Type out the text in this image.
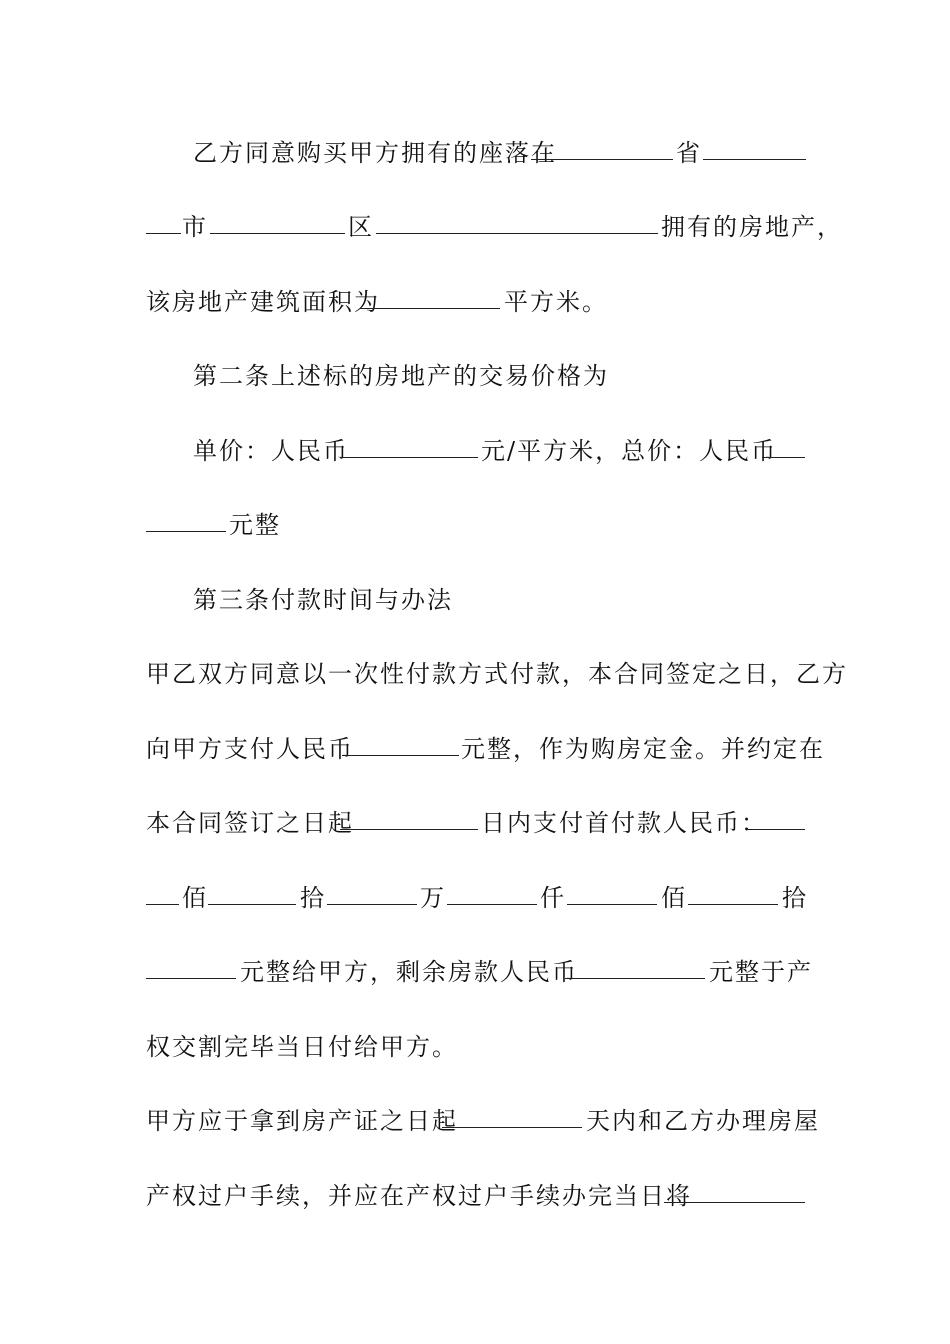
乙方同意购买甲方拥有的座落在	省
市	区	拥有的房地产，
该房地产建筑面积为	平方米。
第二条上述标的房地产的交易价格为
单价：人民币	元/平方米，总价：人民币
元整
第三条付款时间与办法
甲乙双方同意以一次性付款方式付款，本合同签定之日，乙方
向甲方支付人民币	元整，作为购房定金。并约定在
本合同签订之日起	日内支付首付款人民币：
佰	拾	万	仟	佰	拾
元整给甲方，剩余房款人民币	元整于产
权交割完毕当日付给甲方。
甲方应于拿到房产证之日起	天内和乙方办理房屋
产权过户手续，并应在产权过户手续办完当日将
